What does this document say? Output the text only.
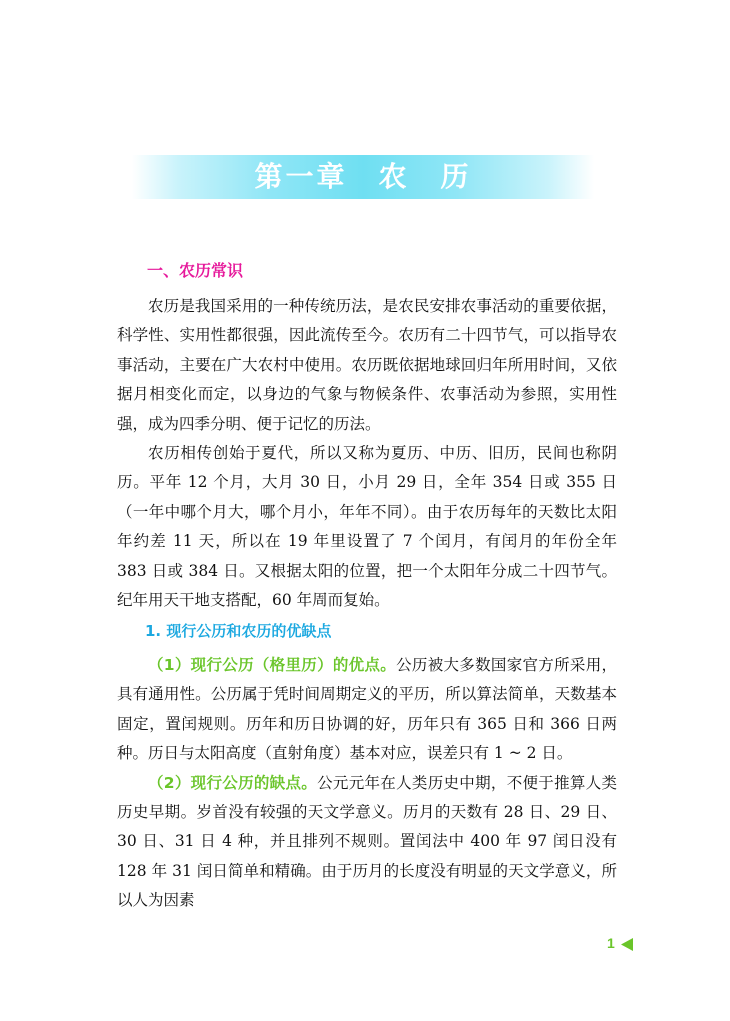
第一章　农　历
一、农历常识

农历是我国采用的一种传统历法，是农民安排农事活动的重要依据，科学性、实用性都很强，因此流传至今。农历有二十四节气，可以指导农事活动，主要在广大农村中使用。农历既依据地球回归年所用时间，又依据月相变化而定，以身边的气象与物候条件、农事活动为参照，实用性强，成为四季分明、便于记忆的历法。

农历相传创始于夏代，所以又称为夏历、中历、旧历，民间也称阴历。平年 12 个月，大月 30 日，小月 29 日，全年 354 日或 355 日（一年中哪个月大，哪个月小，年年不同）。由于农历每年的天数比太阳年约差 11 天，所以在 19 年里设置了 7 个闰月，有闰月的年份全年 383 日或 384 日。又根据太阳的位置，把一个太阳年分成二十四节气。纪年用天干地支搭配，60 年周而复始。

1. 现行公历和农历的优缺点

（1）现行公历（格里历）的优点。公历被大多数国家官方所采用，具有通用性。公历属于凭时间周期定义的平历，所以算法简单，天数基本固定，置闰规则。历年和历日协调的好，历年只有 365 日和 366 日两种。历日与太阳高度（直射角度）基本对应，误差只有 1 ~ 2 日。

（2）现行公历的缺点。公元元年在人类历史中期，不便于推算人类历史早期。岁首没有较强的天文学意义。历月的天数有 28 日、29 日、30 日、31 日 4 种，并且排列不规则。置闰法中 400 年 97 闰日没有 128 年 31 闰日简单和精确。由于历月的长度没有明显的天文学意义，所以人为因素

1
